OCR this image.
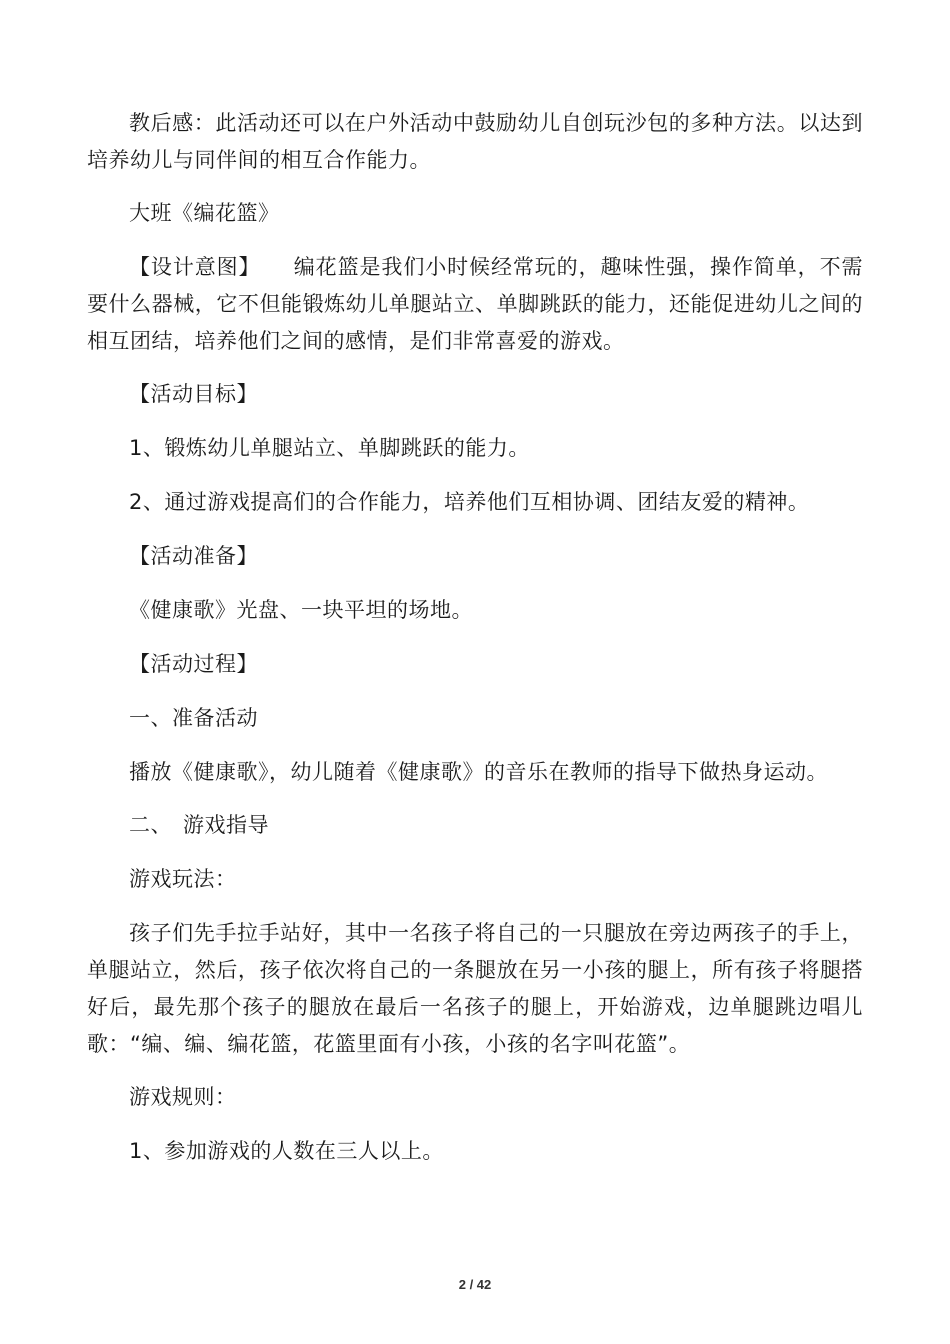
教后感：此活动还可以在户外活动中鼓励幼儿自创玩沙包的多种方法。以达到培养幼儿与同伴间的相互合作能力。

大班《编花篮》

【设计意图】　　编花篮是我们小时候经常玩的，趣味性强，操作简单，不需要什么器械，它不但能锻炼幼儿单腿站立、单脚跳跃的能力，还能促进幼儿之间的相互团结，培养他们之间的感情，是们非常喜爱的游戏。

【活动目标】

1、锻炼幼儿单腿站立、单脚跳跃的能力。

2、通过游戏提高们的合作能力，培养他们互相协调、团结友爱的精神。

【活动准备】

《健康歌》光盘、一块平坦的场地。

【活动过程】

一、准备活动

播放《健康歌》，幼儿随着《健康歌》的音乐在教师的指导下做热身运动。

二、　游戏指导

游戏玩法：

孩子们先手拉手站好，其中一名孩子将自己的一只腿放在旁边两孩子的手上，单腿站立，然后，孩子依次将自己的一条腿放在另一小孩的腿上，所有孩子将腿搭好后，最先那个孩子的腿放在最后一名孩子的腿上，开始游戏，边单腿跳边唱儿歌：“编、编、编花篮，花篮里面有小孩，小孩的名字叫花篮”。

游戏规则：

1、参加游戏的人数在三人以上。

2 / 42
